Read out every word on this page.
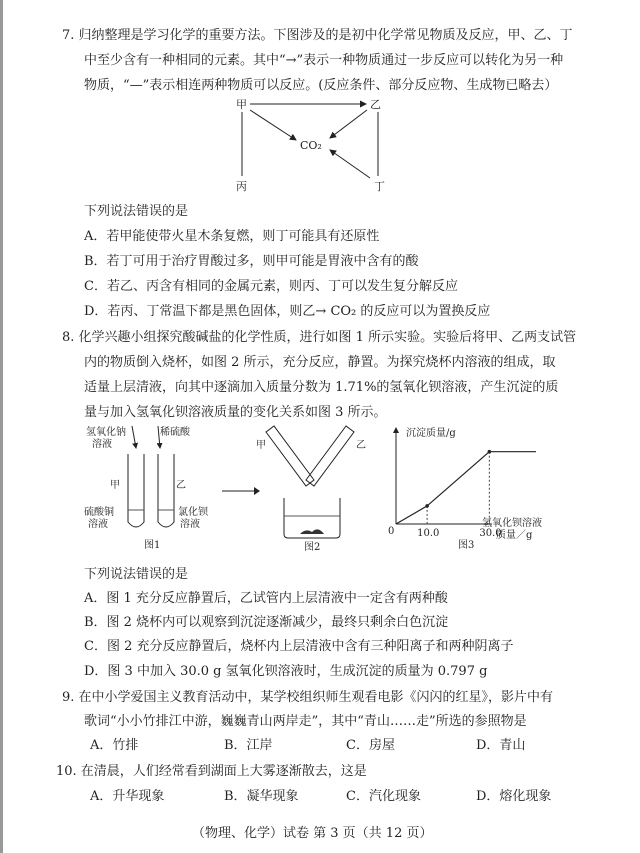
7. 归纳整理是学习化学的重要方法。下图涉及的是初中化学常见物质及反应，甲、乙、丁
中至少含有一种相同的元素。其中“→”表示一种物质通过一步反应可以转化为另一种
物质，“—”表示相连两种物质可以反应。(反应条件、部分反应物、生成物已略去）
甲	乙
丙	丁
CO₂
下列说法错误的是
A．若甲能使带火星木条复燃，则丁可能具有还原性
B．若丁可用于治疗胃酸过多，则甲可能是胃液中含有的酸
C．若乙、丙含有相同的金属元素，则丙、丁可以发生复分解反应
D．若丙、丁常温下都是黑色固体，则乙→ CO₂ 的反应可以为置换反应
8. 化学兴趣小组探究酸碱盐的化学性质，进行如图 1 所示实验。实验后将甲、乙两支试管
内的物质倒入烧杯，如图 2 所示，充分反应，静置。为探究烧杯内溶液的组成，取
适量上层清液，向其中逐滴加入质量分数为 1.71%的氢氧化钡溶液，产生沉淀的质
量与加入氢氧化钡溶液质量的变化关系如图 3 所示。
氢氧化钠
溶液
稀硫酸
甲	乙
硫酸铜
溶液
氯化钡
溶液
图1
甲	乙
图2
沉淀质量/g
0
氢氧化钡溶液
质量／g
图3
10.0	30.0
下列说法错误的是
A．图 1 充分反应静置后，乙试管内上层清液中一定含有两种酸
B．图 2 烧杯内可以观察到沉淀逐渐减少，最终只剩余白色沉淀
C．图 2 充分反应静置后，烧杯内上层清液中含有三种阳离子和两种阴离子
D．图 3 中加入 30.0 g 氢氧化钡溶液时，生成沉淀的质量为 0.797 g
9. 在中小学爱国主义教育活动中，某学校组织师生观看电影《闪闪的红星》，影片中有
歌词“小小竹排江中游，巍巍青山两岸走”，其中“青山……走”所选的参照物是
A．竹排	B．江岸	C．房屋	D．青山
10. 在清晨，人们经常看到湖面上大雾逐渐散去，这是
A．升华现象	B．凝华现象	C．汽化现象	D．熔化现象
（物理、化学）试卷 第 3 页（共 12 页）
